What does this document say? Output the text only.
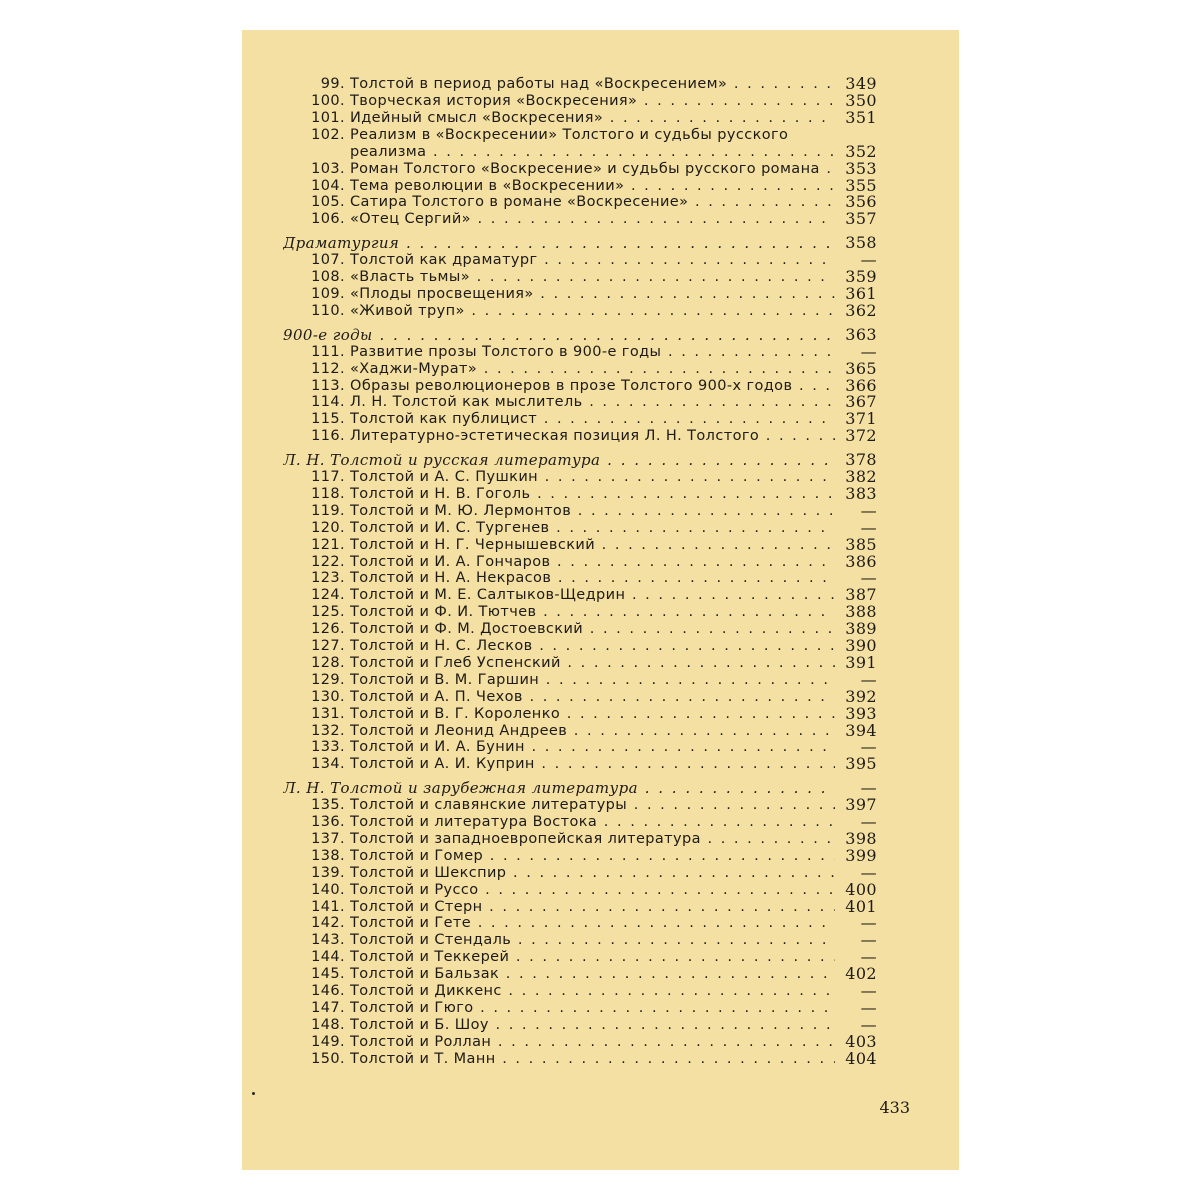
99. Толстой в период работы над «Воскресением» . . .	349
100. Творческая история «Воскресения» . . .	350
101. Идейный смысл «Воскресения» . . .	351
102. Реализм в «Воскресении» Толстого и судьбы русского
реализма . . .	352
103. Роман Толстого «Воскресение» и судьбы русского романа . . .	353
104. Тема революции в «Воскресении» . . .	355
105. Сатира Толстого в романе «Воскресение» . . .	356
106. «Отец Сергий» . . .	357
Драматургия . . .	358
107. Толстой как драматург . . .	—
108. «Власть тьмы» . . .	359
109. «Плоды просвещения» . . .	361
110. «Живой труп» . . .	362
900-е годы . . .	363
111. Развитие прозы Толстого в 900-е годы . . .	—
112. «Хаджи-Мурат» . . .	365
113. Образы революционеров в прозе Толстого 900-х годов . . .	366
114. Л. Н. Толстой как мыслитель . . .	367
115. Толстой как публицист . . .	371
116. Литературно-эстетическая позиция Л. Н. Толстого . . .	372
Л. Н. Толстой и русская литература . . .	378
117. Толстой и А. С. Пушкин . . .	382
118. Толстой и Н. В. Гоголь . . .	383
119. Толстой и М. Ю. Лермонтов . . .	—
120. Толстой и И. С. Тургенев . . .	—
121. Толстой и Н. Г. Чернышевский . . .	385
122. Толстой и И. А. Гончаров . . .	386
123. Толстой и Н. А. Некрасов . . .	—
124. Толстой и М. Е. Салтыков-Щедрин . . .	387
125. Толстой и Ф. И. Тютчев . . .	388
126. Толстой и Ф. М. Достоевский . . .	389
127. Толстой и Н. С. Лесков . . .	390
128. Толстой и Глеб Успенский . . .	391
129. Толстой и В. М. Гаршин . . .	—
130. Толстой и А. П. Чехов . . .	392
131. Толстой и В. Г. Короленко . . .	393
132. Толстой и Леонид Андреев . . .	394
133. Толстой и И. А. Бунин . . .	—
134. Толстой и А. И. Куприн . . .	395
Л. Н. Толстой и зарубежная литература . . .	—
135. Толстой и славянские литературы . . .	397
136. Толстой и литература Востока . . .	—
137. Толстой и западноевропейская литература . . .	398
138. Толстой и Гомер . . .	399
139. Толстой и Шекспир . . .	—
140. Толстой и Руссо . . .	400
141. Толстой и Стерн . . .	401
142. Толстой и Гете . . .	—
143. Толстой и Стендаль . . .	—
144. Толстой и Теккерей . . .	—
145. Толстой и Бальзак . . .	402
146. Толстой и Диккенс . . .	—
147. Толстой и Гюго . . .	—
148. Толстой и Б. Шоу . . .	—
149. Толстой и Роллан . . .	403
150. Толстой и Т. Манн . . .	404
433
